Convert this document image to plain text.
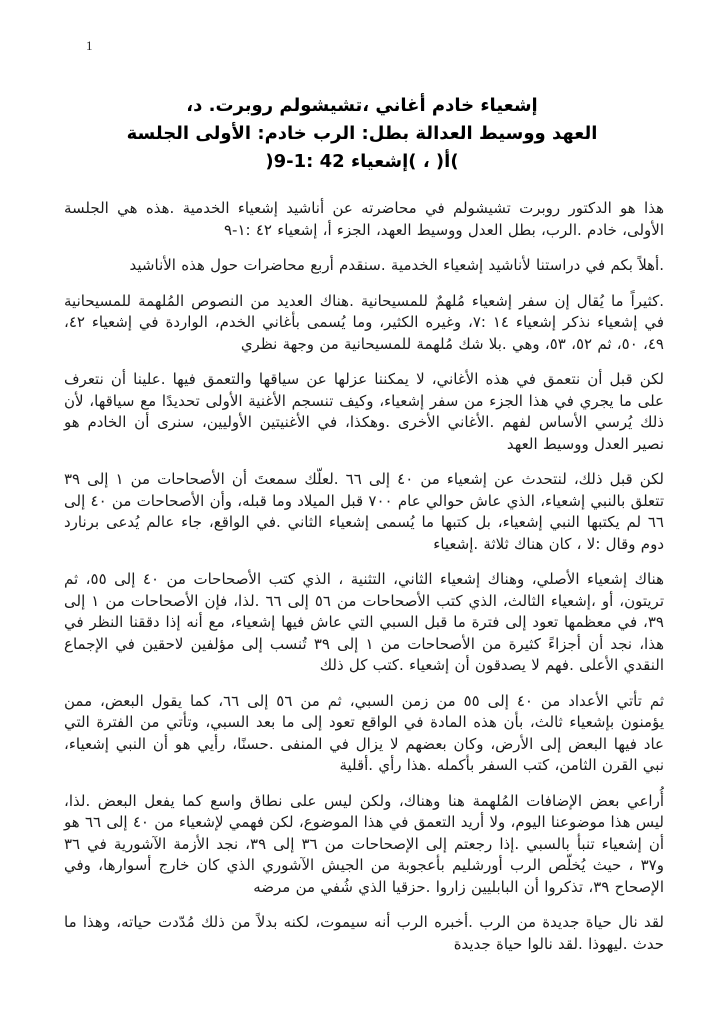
1
،د .روبرت تشيشولم، أغاني خادم إشعياء
الجلسة الأولى :خادم الرب :بطل العدالة ووسيط العهد
)9-1: 42 إشعياء( ، )أ(

هذا هو الدكتور روبرت تشيشولم في محاضرته عن أناشيد إشعياء الخدمية .هذه هي الجلسة الأولى، خادم .الرب، بطل العدل ووسيط العهد، الجزء أ، إشعياء ٤٢ :١-٩

.أهلاً بكم في دراستنا لأناشيد إشعياء الخدمية .سنقدم أربع محاضرات حول هذه الأناشيد

.كثيراً ما يُقال إن سفر إشعياء مُلهمٌ للمسيحانية .هناك العديد من النصوص المُلهمة للمسيحانية في إشعياء نذكر إشعياء ١٤ :٧، وغيره الكثير، وما يُسمى بأغاني الخدم، الواردة في إشعياء ٤٢، ٤٩، ٥٠، ثم ٥٢، ٥٣، وهي .بلا شك مُلهمة للمسيحانية من وجهة نظري

لكن قبل أن نتعمق في هذه الأغاني، لا يمكننا عزلها عن سياقها والتعمق فيها .علينا أن نتعرف على ما يجري في هذا الجزء من سفر إشعياء، وكيف تنسجم الأغنية الأولى تحديدًا مع سياقها، لأن ذلك يُرسي الأساس لفهم .الأغاني الأخرى .وهكذا، في الأغنيتين الأوليين، سنرى أن الخادم هو نصير العدل ووسيط العهد

لكن قبل ذلك، لنتحدث عن إشعياء من ٤٠ إلى ٦٦ .لعلّك سمعتَ أن الأصحاحات من ١ إلى ٣٩ تتعلق بالنبي إشعياء، الذي عاش حوالي عام ٧٠٠ قبل الميلاد وما قبله، وأن الأصحاحات من ٤٠ إلى ٦٦ لم يكتبها النبي إشعياء، بل كتبها ما يُسمى إشعياء الثاني .في الواقع، جاء عالم يُدعى برنارد دوم وقال :لا ، كان هناك ثلاثة .إشعياء

هناك إشعياء الأصلي، وهناك إشعياء الثاني، التثنية ، الذي كتب الأصحاحات من ٤٠ إلى ٥٥، ثم تريتون، أو ،إشعياء الثالث، الذي كتب الأصحاحات من ٥٦ إلى ٦٦ .لذا، فإن الأصحاحات من ١ إلى ٣٩، في معظمها تعود إلى فترة ما قبل السبي التي عاش فيها إشعياء، مع أنه إذا دققنا النظر في هذا، نجد أن أجزاءً كثيرة من الأصحاحات من ١ إلى ٣٩ تُنسب إلى مؤلفين لاحقين في الإجماع النقدي الأعلى .فهم لا يصدقون أن إشعياء .كتب كل ذلك

ثم تأتي الأعداد من ٤٠ إلى ٥٥ من زمن السبي، ثم من ٥٦ إلى ٦٦، كما يقول البعض، ممن يؤمنون بإشعياء ثالث، بأن هذه المادة في الواقع تعود إلى ما بعد السبي، وتأتي من الفترة التي عاد فيها البعض إلى الأرض، وكان بعضهم لا يزال في المنفى .حسنًا، رأيي هو أن النبي إشعياء، نبي القرن الثامن، كتب السفر بأكمله .هذا رأي .أقلية

أُراعي بعض الإضافات المُلهمة هنا وهناك، ولكن ليس على نطاق واسع كما يفعل البعض .لذا، ليس هذا موضوعنا اليوم، ولا أريد التعمق في هذا الموضوع، لكن فهمي لإشعياء من ٤٠ إلى ٦٦ هو أن إشعياء تنبأ بالسبي .إذا رجعتم إلى الإصحاحات من ٣٦ إلى ٣٩، نجد الأزمة الآشورية في ٣٦ و٣٧ ، حيث يُخلّص الرب أورشليم بأعجوبة من الجيش الآشوري الذي كان خارج أسوارها، وفي الإصحاح ٣٩، تذكروا أن البابليين زاروا .حزقيا الذي شُفي من مرضه

لقد نال حياة جديدة من الرب .أخبره الرب أنه سيموت، لكنه بدلاً من ذلك مُدّدت حياته، وهذا ما حدث .ليهوذا .لقد نالوا حياة جديدة
